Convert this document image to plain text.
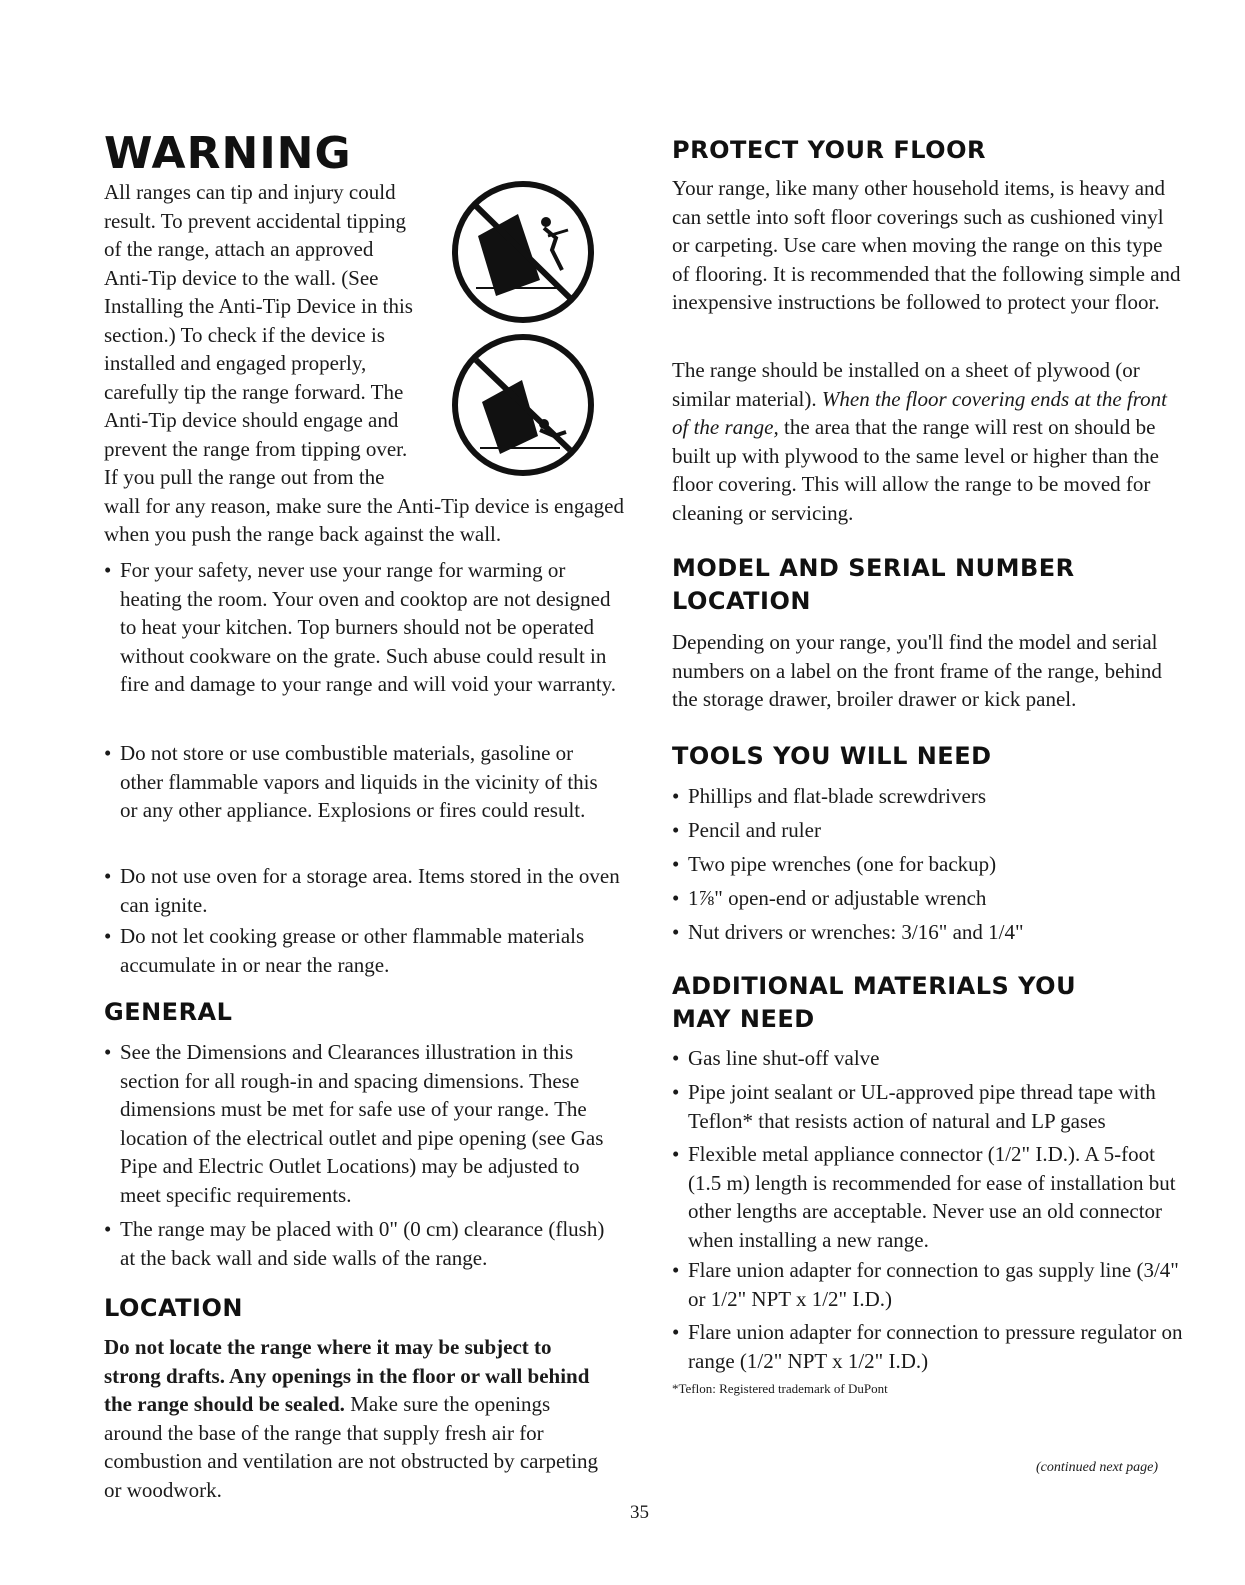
WARNING

All ranges can tip and injury could

result. To prevent accidental tipping

of the range, attach an approved

Anti-Tip device to the wall. (See

Installing the Anti-Tip Device in this

section.) To check if the device is

installed and engaged properly,

carefully tip the range forward. The

Anti-Tip device should engage and

prevent the range from tipping over.

If you pull the range out from the

wall for any reason, make sure the Anti-Tip device is engaged when you push the range back against the wall.

• For your safety, never use your range for warming or heating the room. Your oven and cooktop are not designed to heat your kitchen. Top burners should not be operated without cookware on the grate. Such abuse could result in fire and damage to your range and will void your warranty.

• Do not store or use combustible materials, gasoline or other flammable vapors and liquids in the vicinity of this or any other appliance. Explosions or fires could result.

• Do not use oven for a storage area. Items stored in the oven can ignite.

• Do not let cooking grease or other flammable materials accumulate in or near the range.

GENERAL

• See the Dimensions and Clearances illustration in this section for all rough-in and spacing dimensions. These dimensions must be met for safe use of your range. The location of the electrical outlet and pipe opening (see Gas Pipe and Electric Outlet Locations) may be adjusted to meet specific requirements.

• The range may be placed with 0" (0 cm) clearance (flush) at the back wall and side walls of the range.

LOCATION

Do not locate the range where it may be subject to strong drafts. Any openings in the floor or wall behind the range should be sealed. Make sure the openings around the base of the range that supply fresh air for combustion and ventilation are not obstructed by carpeting or woodwork.

PROTECT YOUR FLOOR

Your range, like many other household items, is heavy and can settle into soft floor coverings such as cushioned vinyl or carpeting. Use care when moving the range on this type of flooring. It is recommended that the following simple and inexpensive instructions be followed to protect your floor.

The range should be installed on a sheet of plywood (or similar material). When the floor covering ends at the front of the range, the area that the range will rest on should be built up with plywood to the same level or higher than the floor covering. This will allow the range to be moved for cleaning or servicing.

MODEL AND SERIAL NUMBER
LOCATION

Depending on your range, you'll find the model and serial numbers on a label on the front frame of the range, behind the storage drawer, broiler drawer or kick panel.

TOOLS YOU WILL NEED

• Phillips and flat-blade screwdrivers

• Pencil and ruler

• Two pipe wrenches (one for backup)

• 1⅞" open-end or adjustable wrench

• Nut drivers or wrenches: 3/16" and 1/4"

ADDITIONAL MATERIALS YOU
MAY NEED

• Gas line shut-off valve

• Pipe joint sealant or UL-approved pipe thread tape with Teflon* that resists action of natural and LP gases

• Flexible metal appliance connector (1/2" I.D.). A 5-foot (1.5 m) length is recommended for ease of installation but other lengths are acceptable. Never use an old connector when installing a new range.

• Flare union adapter for connection to gas supply line (3/4" or 1/2" NPT x 1/2" I.D.)

• Flare union adapter for connection to pressure regulator on range (1/2" NPT x 1/2" I.D.)

*Teflon: Registered trademark of DuPont

(continued next page)

35
